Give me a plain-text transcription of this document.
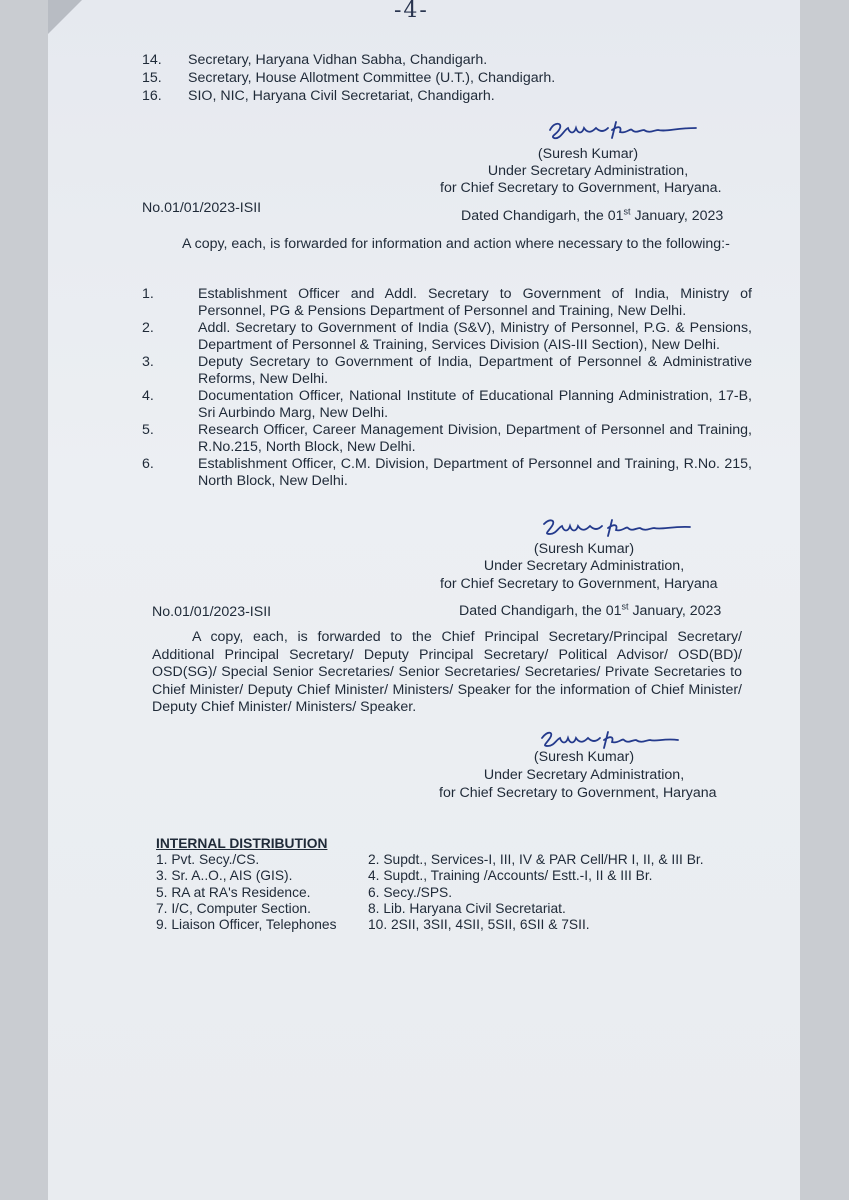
-4-
14.	Secretary, Haryana Vidhan Sabha, Chandigarh.
15.	Secretary, House Allotment Committee (U.T.), Chandigarh.
16.	SIO, NIC, Haryana Civil Secretariat, Chandigarh.
(Suresh Kumar)
Under Secretary Administration,
for Chief Secretary to Government, Haryana.
No.01/01/2023-ISII	Dated Chandigarh, the 01st January, 2023
A copy, each, is forwarded for information and action where necessary to the following:-
1.	Establishment Officer and Addl. Secretary to Government of India, Ministry of Personnel, PG & Pensions Department of Personnel and Training, New Delhi.
2.	Addl. Secretary to Government of India (S&V), Ministry of Personnel, P.G. & Pensions, Department of Personnel & Training, Services Division (AIS-III Section), New Delhi.
3.	Deputy Secretary to Government of India, Department of Personnel & Administrative Reforms, New Delhi.
4.	Documentation Officer, National Institute of Educational Planning Administration, 17-B, Sri Aurbindo Marg, New Delhi.
5.	Research Officer, Career Management Division, Department of Personnel and Training, R.No.215, North Block, New Delhi.
6.	Establishment Officer, C.M. Division, Department of Personnel and Training, R.No. 215, North Block, New Delhi.
(Suresh Kumar)
Under Secretary Administration,
for Chief Secretary to Government, Haryana
No.01/01/2023-ISII	Dated Chandigarh, the 01st January, 2023
A copy, each, is forwarded to the Chief Principal Secretary/Principal Secretary/ Additional Principal Secretary/ Deputy Principal Secretary/ Political Advisor/ OSD(BD)/ OSD(SG)/ Special Senior Secretaries/ Senior Secretaries/ Secretaries/ Private Secretaries to Chief Minister/ Deputy Chief Minister/ Ministers/ Speaker for the information of Chief Minister/ Deputy Chief Minister/ Ministers/ Speaker.
(Suresh Kumar)
Under Secretary Administration,
for Chief Secretary to Government, Haryana
INTERNAL DISTRIBUTION
1. Pvt. Secy./CS.	2. Supdt., Services-I, III, IV & PAR Cell/HR I, II, & III Br.
3. Sr. A..O., AIS (GIS).	4. Supdt., Training /Accounts/ Estt.-I, II & III Br.
5. RA at RA's Residence.	6. Secy./SPS.
7. I/C, Computer Section.	8. Lib. Haryana Civil Secretariat.
9. Liaison Officer, Telephones	10. 2SII, 3SII, 4SII, 5SII, 6SII & 7SII.
